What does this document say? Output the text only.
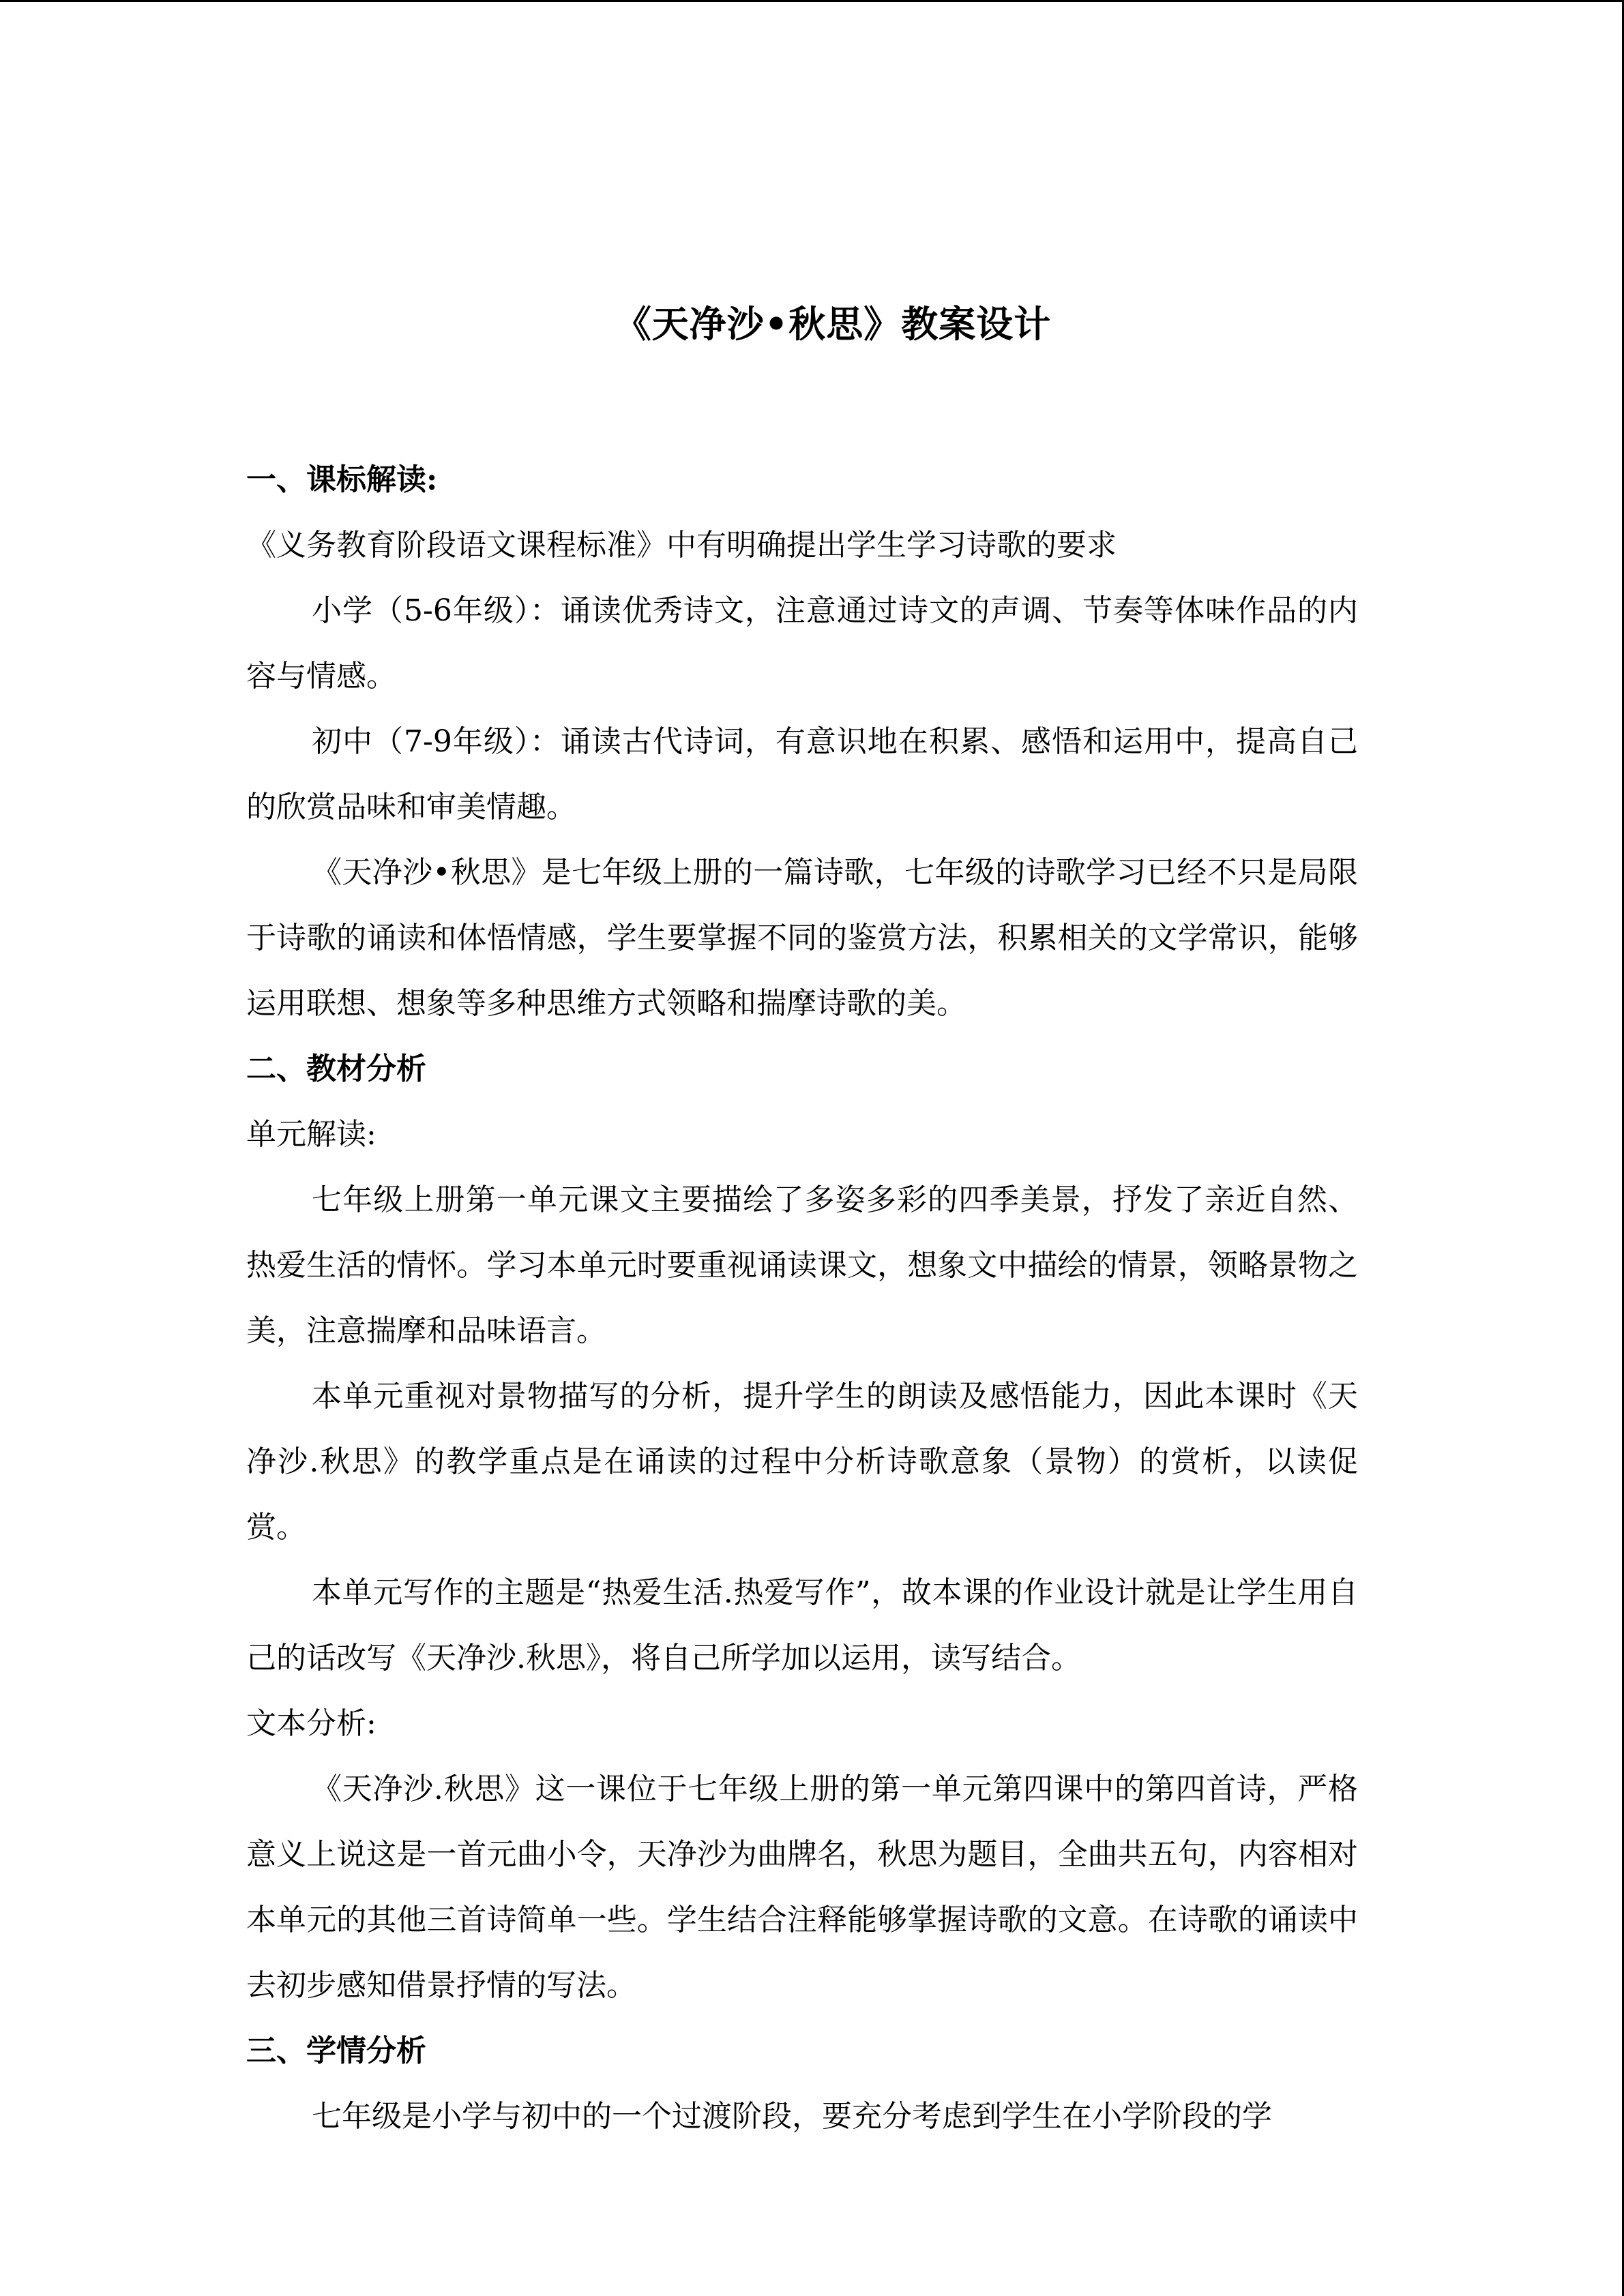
《天净沙•秋思》教案设计
一、课标解读:
《义务教育阶段语文课程标准》中有明确提出学生学习诗歌的要求

小学（5-6年级）：诵读优秀诗文，注意通过诗文的声调、节奏等体味作品的内容与情感。

初中（7-9年级）：诵读古代诗词，有意识地在积累、感悟和运用中，提高自己的欣赏品味和审美情趣。

《天净沙•秋思》是七年级上册的一篇诗歌，七年级的诗歌学习已经不只是局限于诗歌的诵读和体悟情感，学生要掌握不同的鉴赏方法，积累相关的文学常识，能够运用联想、想象等多种思维方式领略和揣摩诗歌的美。

二、教材分析
单元解读:

七年级上册第一单元课文主要描绘了多姿多彩的四季美景，抒发了亲近自然、热爱生活的情怀。学习本单元时要重视诵读课文，想象文中描绘的情景，领略景物之美，注意揣摩和品味语言。

本单元重视对景物描写的分析，提升学生的朗读及感悟能力，因此本课时《天净沙.秋思》的教学重点是在诵读的过程中分析诗歌意象（景物）的赏析，以读促赏。

本单元写作的主题是“热爱生活.热爱写作”，故本课的作业设计就是让学生用自己的话改写《天净沙.秋思》，将自己所学加以运用，读写结合。

文本分析:

《天净沙.秋思》这一课位于七年级上册的第一单元第四课中的第四首诗，严格意义上说这是一首元曲小令，天净沙为曲牌名，秋思为题目，全曲共五句，内容相对本单元的其他三首诗简单一些。学生结合注释能够掌握诗歌的文意。在诗歌的诵读中去初步感知借景抒情的写法。

三、学情分析

七年级是小学与初中的一个过渡阶段，要充分考虑到学生在小学阶段的学
